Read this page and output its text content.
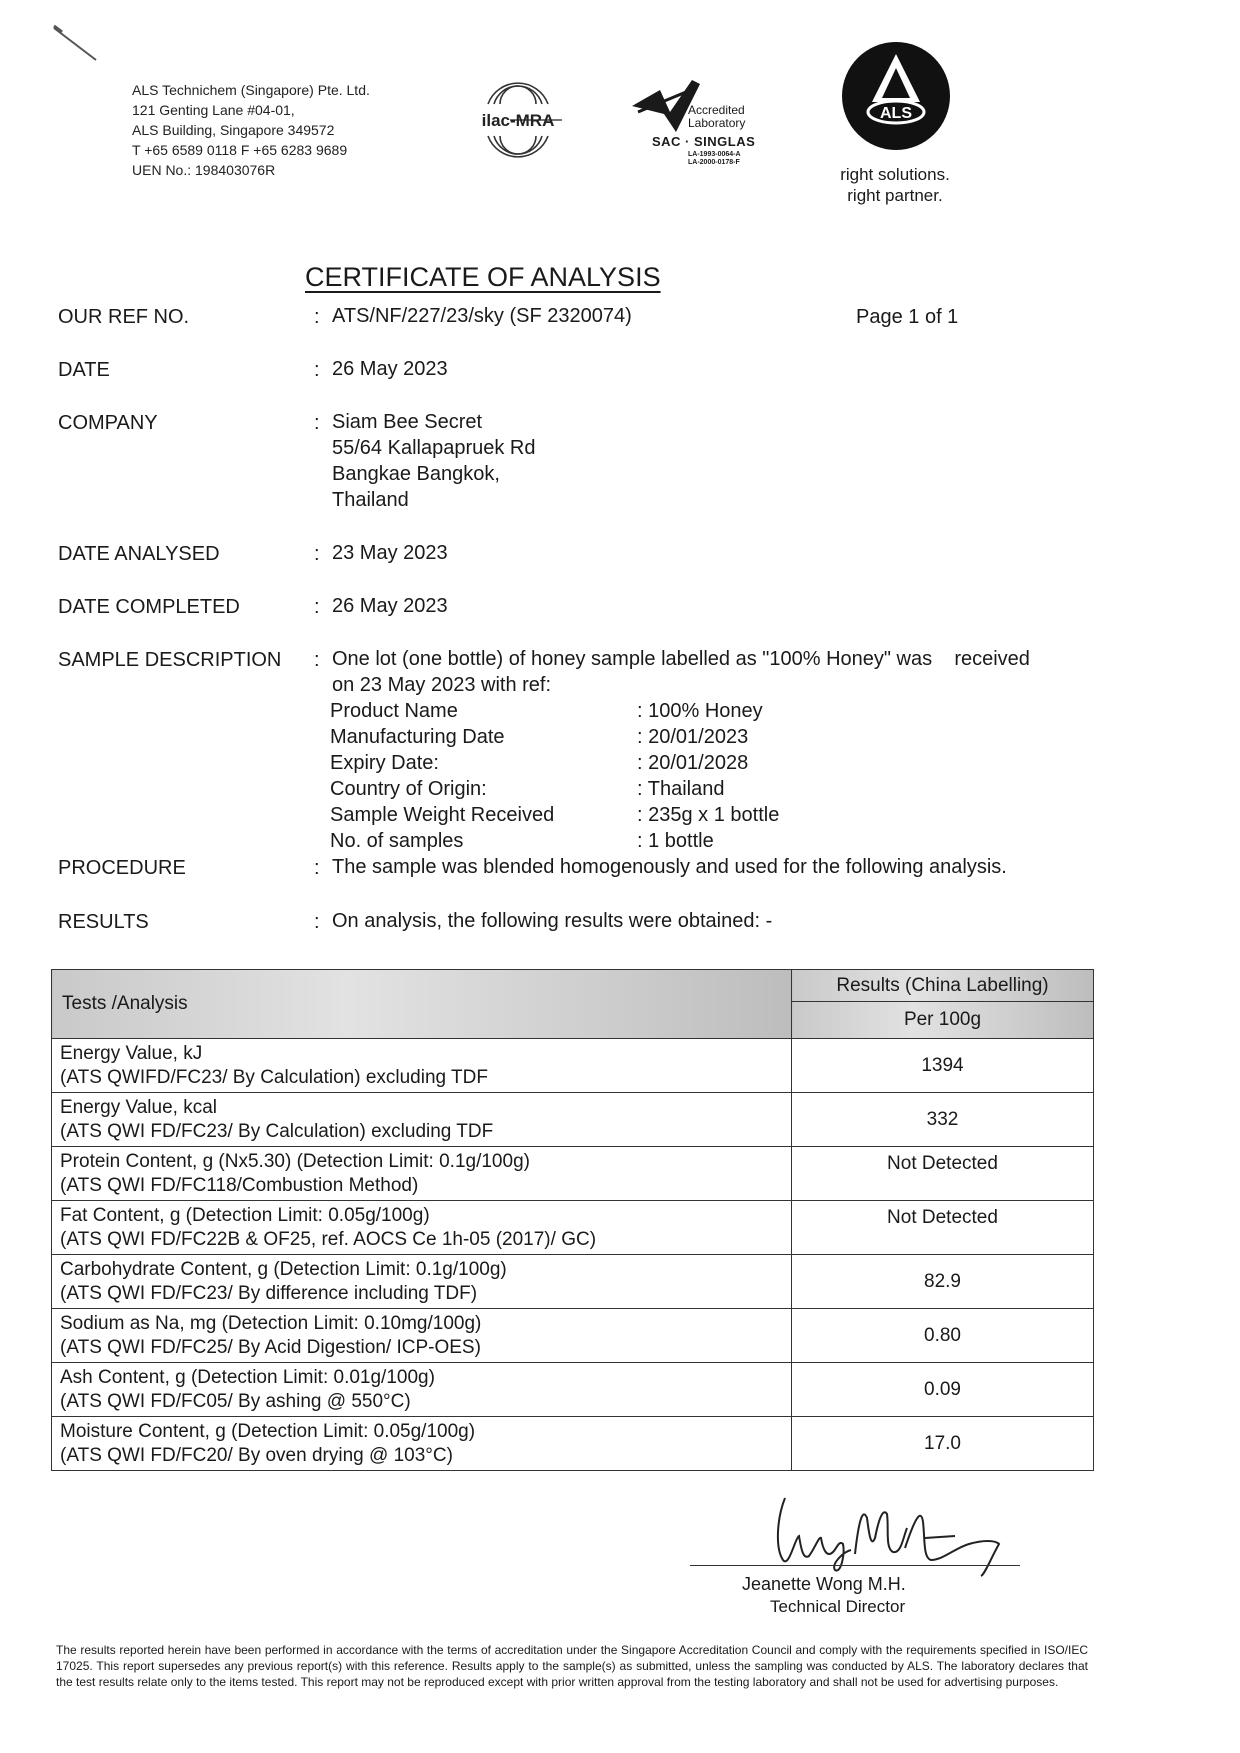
ALS Technichem (Singapore) Pte. Ltd.
121 Genting Lane #04-01,
ALS Building, Singapore 349572
T +65 6589 0118 F +65 6283 9689
UEN No.: 198403076R
ilac-MRA
Accredited
Laboratory
SAC · SINGLAS
LA-1993-0064-A
LA-2000-0178-F
ALS
right solutions.
right partner.
CERTIFICATE OF ANALYSIS
OUR REF NO.	: ATS/NF/227/23/sky (SF 2320074)	Page 1 of 1
DATE	: 26 May 2023
COMPANY	: Siam Bee Secret
55/64 Kallapapruek Rd
Bangkae Bangkok,
Thailand
DATE ANALYSED	: 23 May 2023
DATE COMPLETED	: 26 May 2023
SAMPLE DESCRIPTION : One lot (one bottle) of honey sample labelled as "100% Honey" was    received
on 23 May 2023 with ref:
Product Name	: 100% Honey
Manufacturing Date	: 20/01/2023
Expiry Date:	: 20/01/2028
Country of Origin:	: Thailand
Sample Weight Received	: 235g x 1 bottle
No. of samples	: 1 bottle
PROCEDURE	: The sample was blended homogenously and used for the following analysis.
RESULTS	: On analysis, the following results were obtained: -
Tests /Analysis	Results (China Labelling)
	Per 100g

Energy Value, kJ
(ATS QWIFD/FC23/ By Calculation) excluding TDF	1394

Energy Value, kcal
(ATS QWI FD/FC23/ By Calculation) excluding TDF	332

Protein Content, g (Nx5.30) (Detection Limit: 0.1g/100g)
(ATS QWI FD/FC118/Combustion Method)	Not Detected

Fat Content, g (Detection Limit: 0.05g/100g)
(ATS QWI FD/FC22B & OF25, ref. AOCS Ce 1h-05 (2017)/ GC)	Not Detected

Carbohydrate Content, g (Detection Limit: 0.1g/100g)
(ATS QWI FD/FC23/ By difference including TDF)	82.9

Sodium as Na, mg (Detection Limit: 0.10mg/100g)
(ATS QWI FD/FC25/ By Acid Digestion/ ICP-OES)	0.80

Ash Content, g (Detection Limit: 0.01g/100g)
(ATS QWI FD/FC05/ By ashing @ 550°C)	0.09

Moisture Content, g (Detection Limit: 0.05g/100g)
(ATS QWI FD/FC20/ By oven drying @ 103°C)	17.0
Jeanette Wong M.H.
Technical Director
The results reported herein have been performed in accordance with the terms of accreditation under the Singapore Accreditation Council and comply with the requirements specified in ISO/IEC 17025. This report supersedes any previous report(s) with this reference. Results apply to the sample(s) as submitted, unless the sampling was conducted by ALS. The laboratory declares that the test results relate only to the items tested. This report may not be reproduced except with prior written approval from the testing laboratory and shall not be used for advertising purposes.
